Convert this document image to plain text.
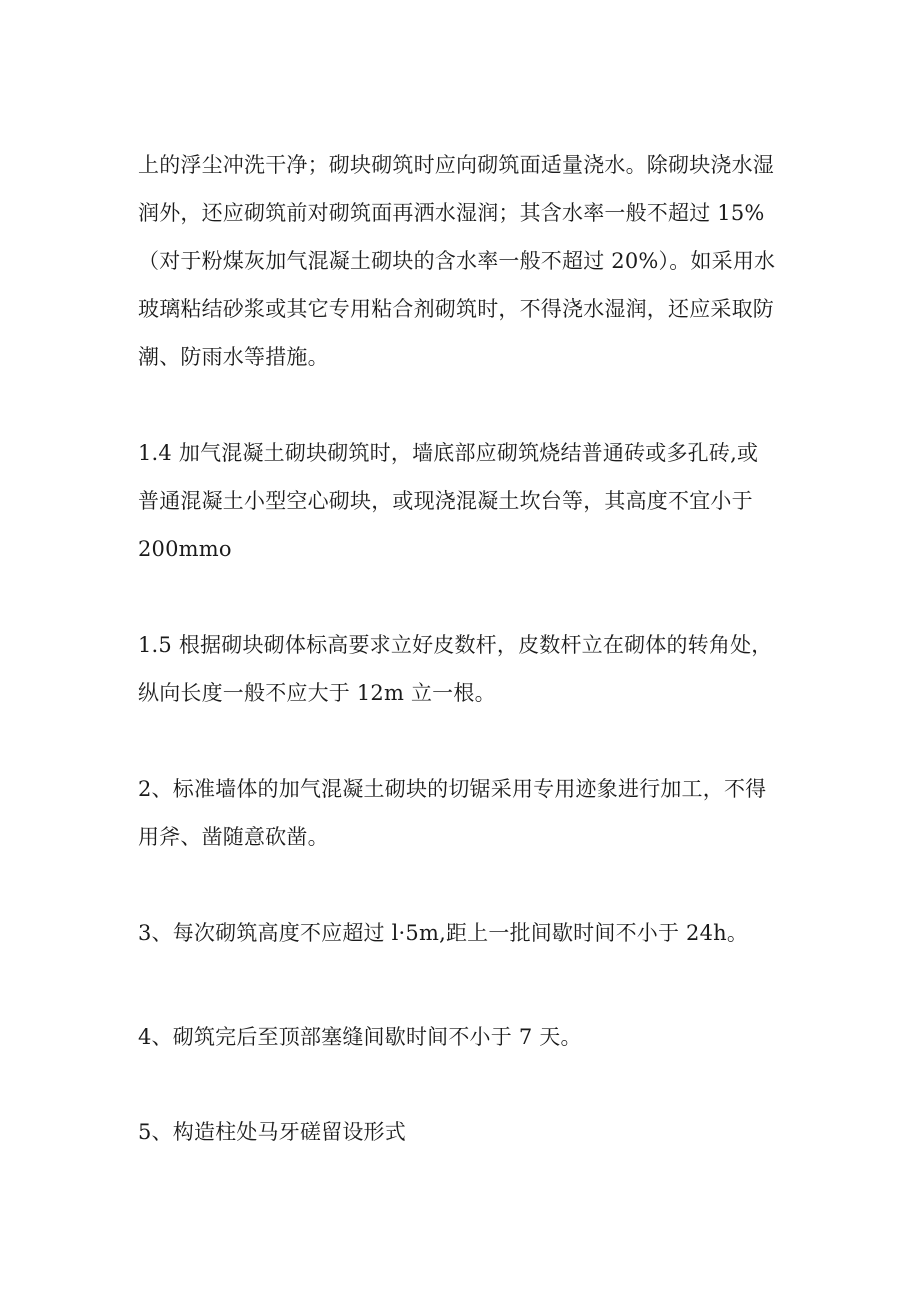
上的浮尘冲洗干净；砌块砌筑时应向砌筑面适量浇水。除砌块浇水湿
润外，还应砌筑前对砌筑面再洒水湿润；其含水率一般不超过 15%
（对于粉煤灰加气混凝土砌块的含水率一般不超过 20%）。如采用水
玻璃粘结砂浆或其它专用粘合剂砌筑时，不得浇水湿润，还应采取防
潮、防雨水等措施。
1.4 加气混凝土砌块砌筑时，墙底部应砌筑烧结普通砖或多孔砖,或
普通混凝土小型空心砌块，或现浇混凝土坎台等，其高度不宜小于
200mmo
1.5 根据砌块砌体标高要求立好皮数杆，皮数杆立在砌体的转角处，
纵向长度一般不应大于 12m 立一根。
2、标准墙体的加气混凝土砌块的切锯采用专用迹象进行加工，不得
用斧、凿随意砍凿。
3、每次砌筑高度不应超过 l·5m,距上一批间歇时间不小于 24h。
4、砌筑完后至顶部塞缝间歇时间不小于 7 天。
5、构造柱处马牙磋留设形式
